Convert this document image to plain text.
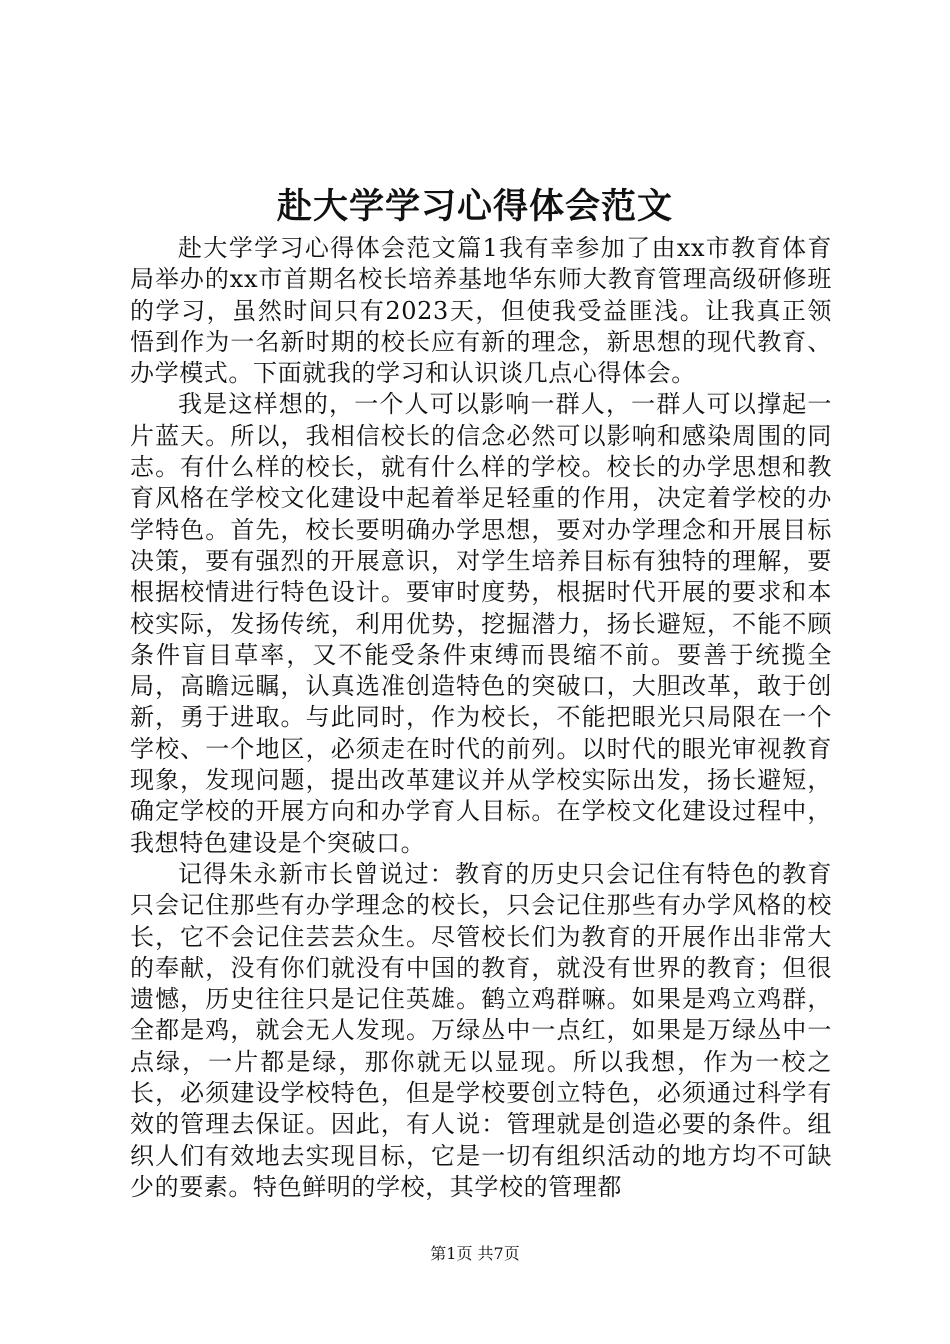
赴大学学习心得体会范文

赴大学学习心得体会范文篇1我有幸参加了由xx市教育体育局举办的xx市首期名校长培养基地华东师大教育管理高级研修班的学习，虽然时间只有2023天，但使我受益匪浅。让我真正领悟到作为一名新时期的校长应有新的理念，新思想的现代教育、办学模式。下面就我的学习和认识谈几点心得体会。

我是这样想的，一个人可以影响一群人，一群人可以撑起一片蓝天。所以，我相信校长的信念必然可以影响和感染周围的同志。有什么样的校长，就有什么样的学校。校长的办学思想和教育风格在学校文化建设中起着举足轻重的作用，决定着学校的办学特色。首先，校长要明确办学思想，要对办学理念和开展目标决策，要有强烈的开展意识，对学生培养目标有独特的理解，要根据校情进行特色设计。要审时度势，根据时代开展的要求和本校实际，发扬传统，利用优势，挖掘潜力，扬长避短，不能不顾条件盲目草率，又不能受条件束缚而畏缩不前。要善于统揽全局，高瞻远瞩，认真选准创造特色的突破口，大胆改革，敢于创新，勇于进取。与此同时，作为校长，不能把眼光只局限在一个学校、一个地区，必须走在时代的前列。以时代的眼光审视教育现象，发现问题，提出改革建议并从学校实际出发，扬长避短，确定学校的开展方向和办学育人目标。在学校文化建设过程中，我想特色建设是个突破口。

记得朱永新市长曾说过：教育的历史只会记住有特色的教育只会记住那些有办学理念的校长，只会记住那些有办学风格的校长，它不会记住芸芸众生。尽管校长们为教育的开展作出非常大的奉献，没有你们就没有中国的教育，就没有世界的教育；但很遗憾，历史往往只是记住英雄。鹤立鸡群嘛。如果是鸡立鸡群，全都是鸡，就会无人发现。万绿丛中一点红，如果是万绿丛中一点绿，一片都是绿，那你就无以显现。所以我想，作为一校之长，必须建设学校特色，但是学校要创立特色，必须通过科学有效的管理去保证。因此，有人说：管理就是创造必要的条件。组织人们有效地去实现目标，它是一切有组织活动的地方均不可缺少的要素。特色鲜明的学校，其学校的管理都

第1页 共7页
